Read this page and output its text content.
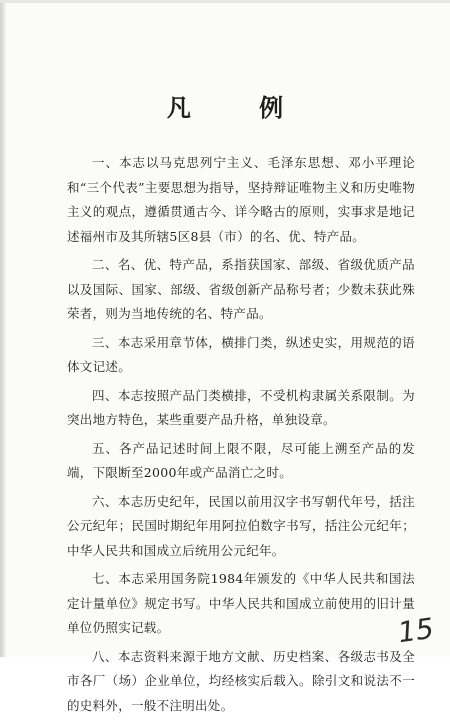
凡 例

一、本志以马克思列宁主义、毛泽东思想、邓小平理论和“三个代表”主要思想为指导，坚持辩证唯物主义和历史唯物主义的观点，遵循贯通古今、详今略古的原则，实事求是地记述福州市及其所辖5区8县（市）的名、优、特产品。

二、名、优、特产品，系指获国家、部级、省级优质产品以及国际、国家、部级、省级创新产品称号者；少数未获此殊荣者，则为当地传统的名、特产品。

三、本志采用章节体，横排门类，纵述史实，用规范的语体文记述。

四、本志按照产品门类横排，不受机构隶属关系限制。为突出地方特色，某些重要产品升格，单独设章。

五、各产品记述时间上限不限，尽可能上溯至产品的发端，下限断至2000年或产品消亡之时。

六、本志历史纪年，民国以前用汉字书写朝代年号，括注公元纪年；民国时期纪年用阿拉伯数字书写，括注公元纪年；中华人民共和国成立后统用公元纪年。

七、本志采用国务院1984年颁发的《中华人民共和国法定计量单位》规定书写。中华人民共和国成立前使用的旧计量单位仍照实记载。

八、本志资料来源于地方文献、历史档案、各级志书及全市各厂（场）企业单位，均经核实后载入。除引文和说法不一的史料外，一般不注明出处。

15
